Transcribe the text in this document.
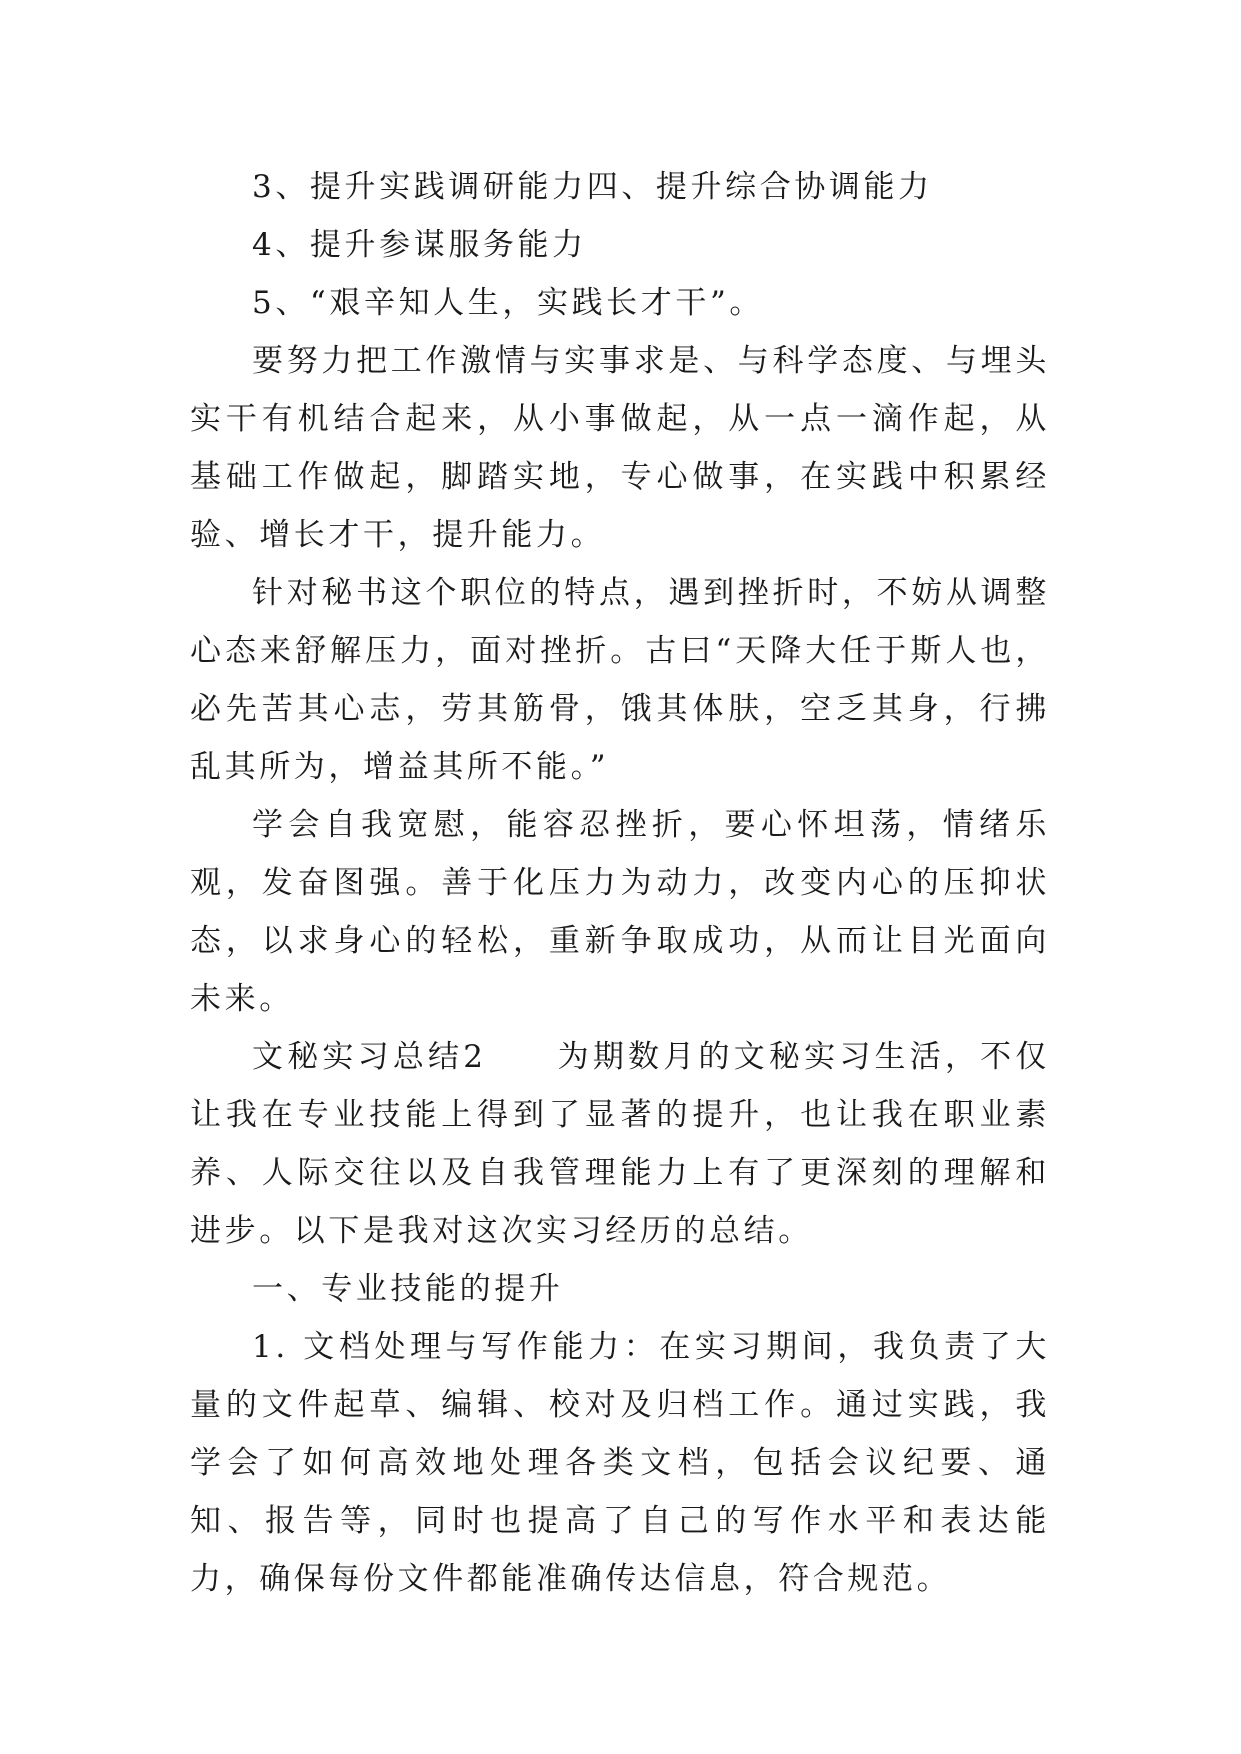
3、提升实践调研能力四、提升综合协调能力

4、提升参谋服务能力

5、“艰辛知人生，实践长才干”。

要努力把工作激情与实事求是、与科学态度、与埋头实干有机结合起来，从小事做起，从一点一滴作起，从基础工作做起，脚踏实地，专心做事，在实践中积累经验、增长才干，提升能力。

针对秘书这个职位的特点，遇到挫折时，不妨从调整心态来舒解压力，面对挫折。古曰“天降大任于斯人也，必先苦其心志，劳其筋骨，饿其体肤，空乏其身，行拂乱其所为，增益其所不能。”

学会自我宽慰，能容忍挫折，要心怀坦荡，情绪乐观，发奋图强。善于化压力为动力，改变内心的压抑状态，以求身心的轻松，重新争取成功，从而让目光面向未来。

文秘实习总结2　　为期数月的文秘实习生活，不仅让我在专业技能上得到了显著的提升，也让我在职业素养、人际交往以及自我管理能力上有了更深刻的理解和进步。以下是我对这次实习经历的总结。

一、专业技能的提升

1. 文档处理与写作能力：在实习期间，我负责了大量的文件起草、编辑、校对及归档工作。通过实践，我学会了如何高效地处理各类文档，包括会议纪要、通知、报告等，同时也提高了自己的写作水平和表达能力，确保每份文件都能准确传达信息，符合规范。
